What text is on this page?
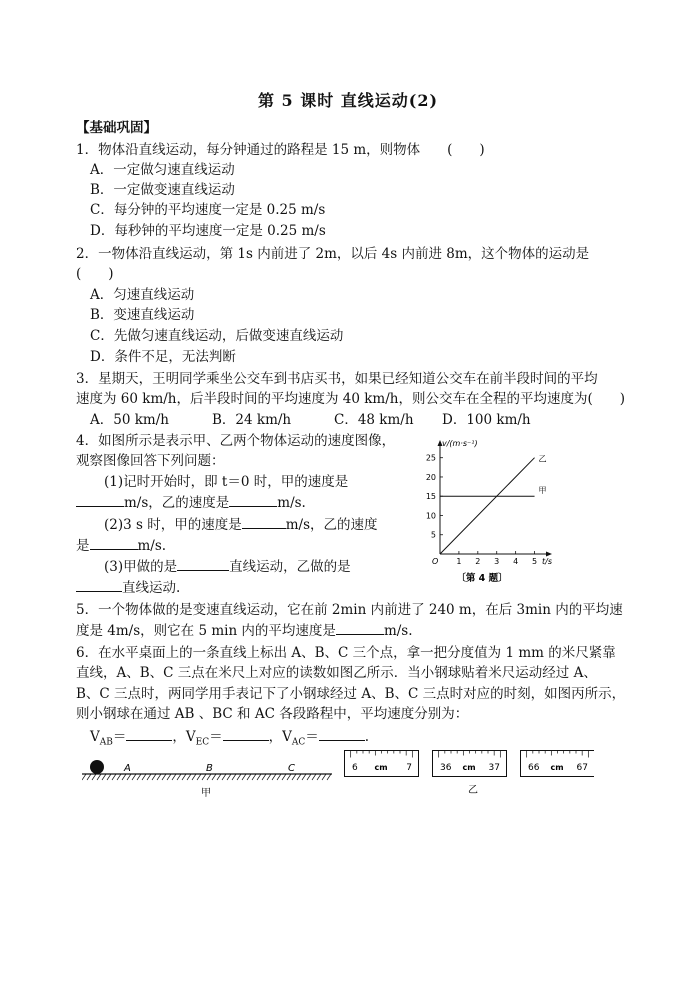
第 5 课时 直线运动(2)
【基础巩固】
1．物体沿直线运动，每分钟通过的路程是 15 m，则物体　　(　　)
A．一定做匀速直线运动
B．一定做变速直线运动
C．每分钟的平均速度一定是 0.25 m/s
D．每秒钟的平均速度一定是 0.25 m/s
2．一物体沿直线运动，第 1s 内前进了 2m，以后 4s 内前进 8m，这个物体的运动是
(　　)
A．匀速直线运动
B．变速直线运动
C．先做匀速直线运动，后做变速直线运动
D．条件不足，无法判断
3．星期天，王明同学乘坐公交车到书店买书，如果已经知道公交车在前半段时间的平均
速度为 60 km/h，后半段时间的平均速度为 40 km/h，则公交车在全程的平均速度为(　　)
A．50 km/h	B．24 km/h	C．48 km/h D．100 km/h
4．如图所示是表示甲、乙两个物体运动的速度图像，
观察图像回答下列问题：
(1)记时开始时，即 t＝0 时，甲的速度是
m/s，乙的速度是	m/s.
(2)3 s 时，甲的速度是	m/s，乙的速度
是	m/s.
(3)甲做的是	直线运动，乙做的是
直线运动.
1 2 3 4 5
5
10
15
20
25
v/(m·s⁻¹)
t/s
O
甲
乙
〔第 4 题〕
5．一个物体做的是变速直线运动，它在前 2min 内前进了 240 m，在后 3min 内的平均速
度是 4m/s，则它在 5 min 内的平均速度是	m/s.
6．在水平桌面上的一条直线上标出 A、B、C 三个点，拿一把分度值为 1 mm 的米尺紧靠
直线，A、B、C 三点在米尺上对应的读数如图乙所示．当小钢球贴着米尺运动经过 A、
B、C 三点时，两同学用手表记下了小钢球经过 A、B、C 三点时对应的时刻，如图丙所示，
则小钢球在通过 AB 、BC 和 AC 各段路程中，平均速度分别为：
$V_{AB}=$	，$V_{EC}=$	，$V_{AC}=$	.
A	B	C
甲
6 cm 7	36 cm 37	66 cm 67
乙
